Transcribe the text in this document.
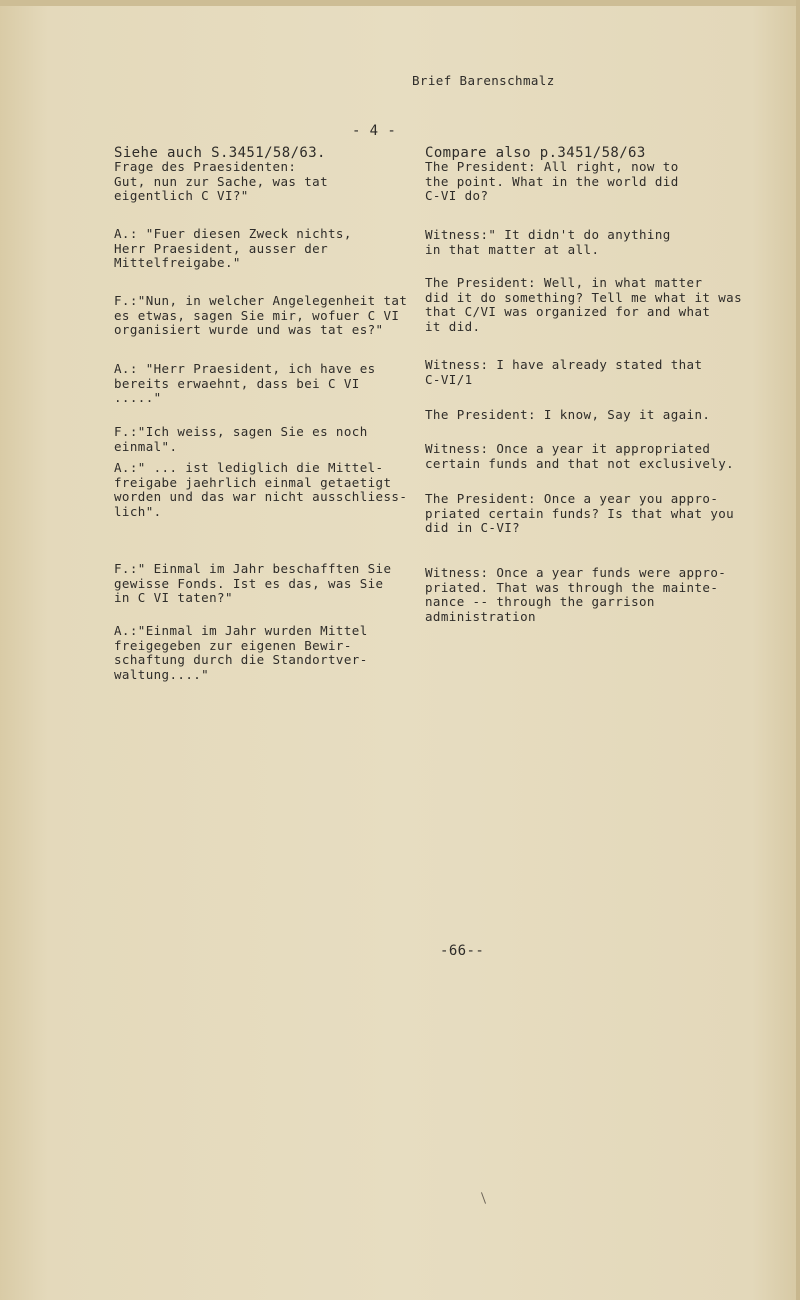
Brief Barenschmalz
- 4 -
Siehe auch S.3451/58/63.
Frage des Praesidenten:
Gut, nun zur Sache, was tat
eigentlich C VI?"
A.: "Fuer diesen Zweck nichts,
Herr Praesident, ausser der
Mittelfreigabe."
F.:"Nun, in welcher Angelegenheit tat
es etwas, sagen Sie mir, wofuer C VI
organisiert wurde und was tat es?"
A.: "Herr Praesident, ich have es
bereits erwaehnt, dass bei C VI
....."
F.:"Ich weiss, sagen Sie es noch
einmal".
A.:" ... ist lediglich die Mittel-
freigabe jaehrlich einmal getaetigt
worden und das war nicht ausschliess-
lich".
F.:" Einmal im Jahr beschafften Sie
gewisse Fonds. Ist es das, was Sie
in C VI taten?"
A.:"Einmal im Jahr wurden Mittel
freigegeben zur eigenen Bewir-
schaftung durch die Standortver-
waltung...."
Compare also p.3451/58/63
The President: All right, now to
the point. What in the world did
C-VI do?
Witness:" It didn't do anything
in that matter at all.
The President: Well, in what matter
did it do something? Tell me what it was
that C/VI was organized for and what
it did.
Witness: I have already stated that
C-VI/1
The President: I know, Say it again.
Witness: Once a year it appropriated
certain funds and that not exclusively.
The President: Once a year you appro-
priated certain funds? Is that what you
did in C-VI?
Witness: Once a year funds were appro-
priated. That was through the mainte-
nance -- through the garrison
administration
-66--
